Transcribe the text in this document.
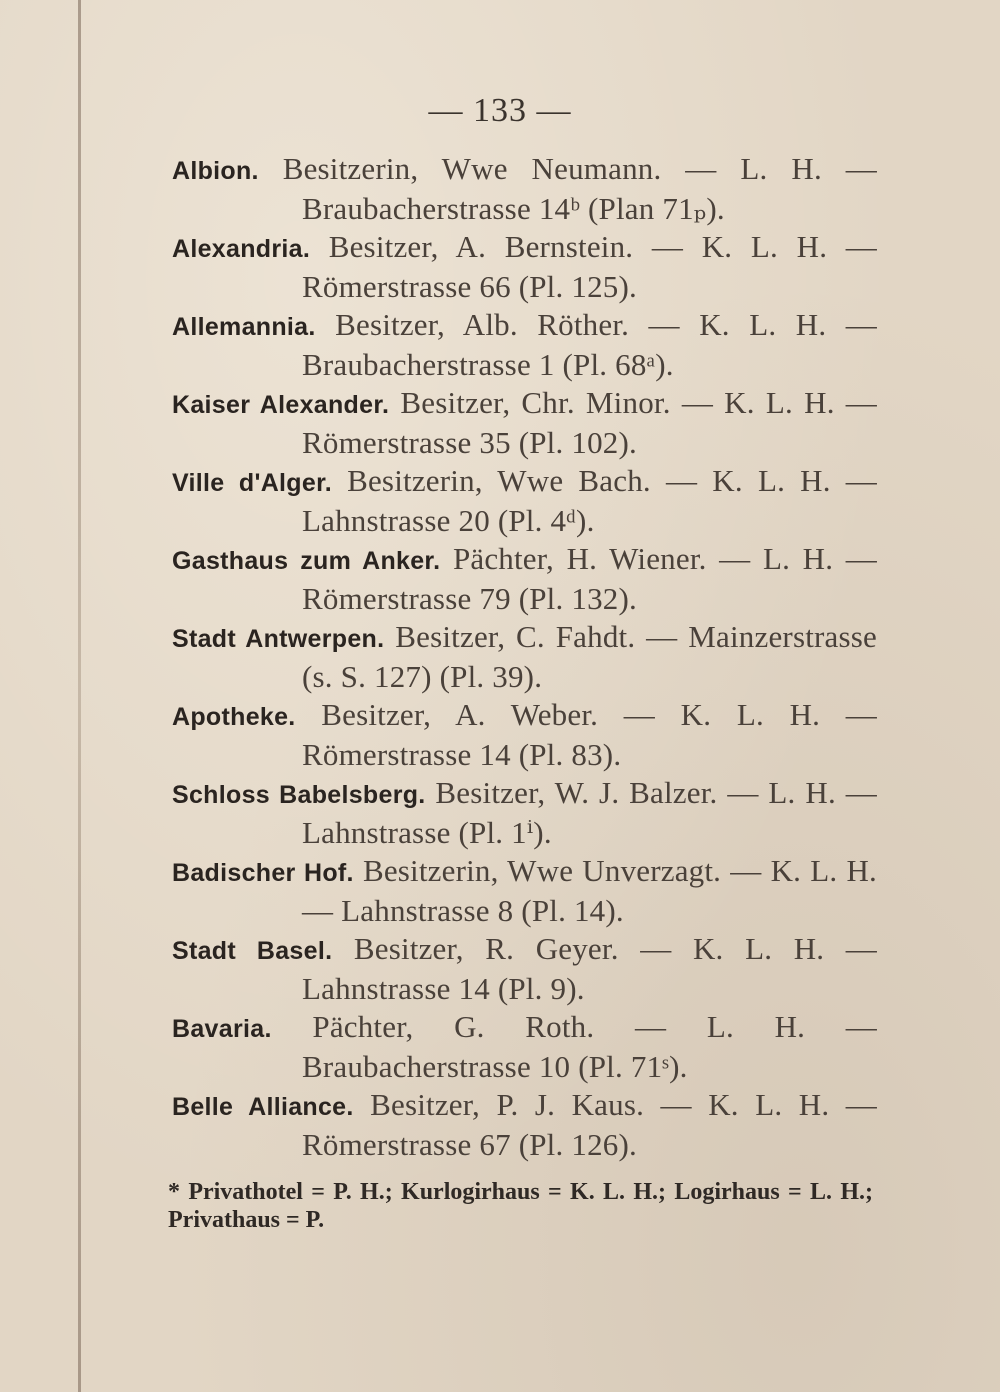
— 133 —

Albion. Besitzerin, Wwe Neumann. — L. H. — Braubacherstrasse 14ᵇ (Plan 71ₚ).

Alexandria. Besitzer, A. Bernstein. — K. L. H. — Römerstrasse 66 (Pl. 125).

Allemannia. Besitzer, Alb. Röther. — K. L. H. — Braubacherstrasse 1 (Pl. 68ᵃ).

Kaiser Alexander. Besitzer, Chr. Minor. — K. L. H. — Römerstrasse 35 (Pl. 102).

Ville d'Alger. Besitzerin, Wwe Bach. — K. L. H. — Lahnstrasse 20 (Pl. 4ᵈ).

Gasthaus zum Anker. Pächter, H. Wiener. — L. H. — Römerstrasse 79 (Pl. 132).

Stadt Antwerpen. Besitzer, C. Fahdt. — Mainzerstrasse (s. S. 127) (Pl. 39).

Apotheke. Besitzer, A. Weber. — K. L. H. — Römerstrasse 14 (Pl. 83).

Schloss Babelsberg. Besitzer, W. J. Balzer. — L. H. — Lahnstrasse (Pl. 1ⁱ).

Badischer Hof. Besitzerin, Wwe Unverzagt. — K. L. H. — Lahnstrasse 8 (Pl. 14).

Stadt Basel. Besitzer, R. Geyer. — K. L. H. — Lahnstrasse 14 (Pl. 9).

Bavaria. Pächter, G. Roth. — L. H. — Braubacherstrasse 10 (Pl. 71ˢ).

Belle Alliance. Besitzer, P. J. Kaus. — K. L. H. — Römerstrasse 67 (Pl. 126).

* Privathotel = P. H.; Kurlogirhaus = K. L. H.; Logirhaus = L. H.; Privathaus = P.
